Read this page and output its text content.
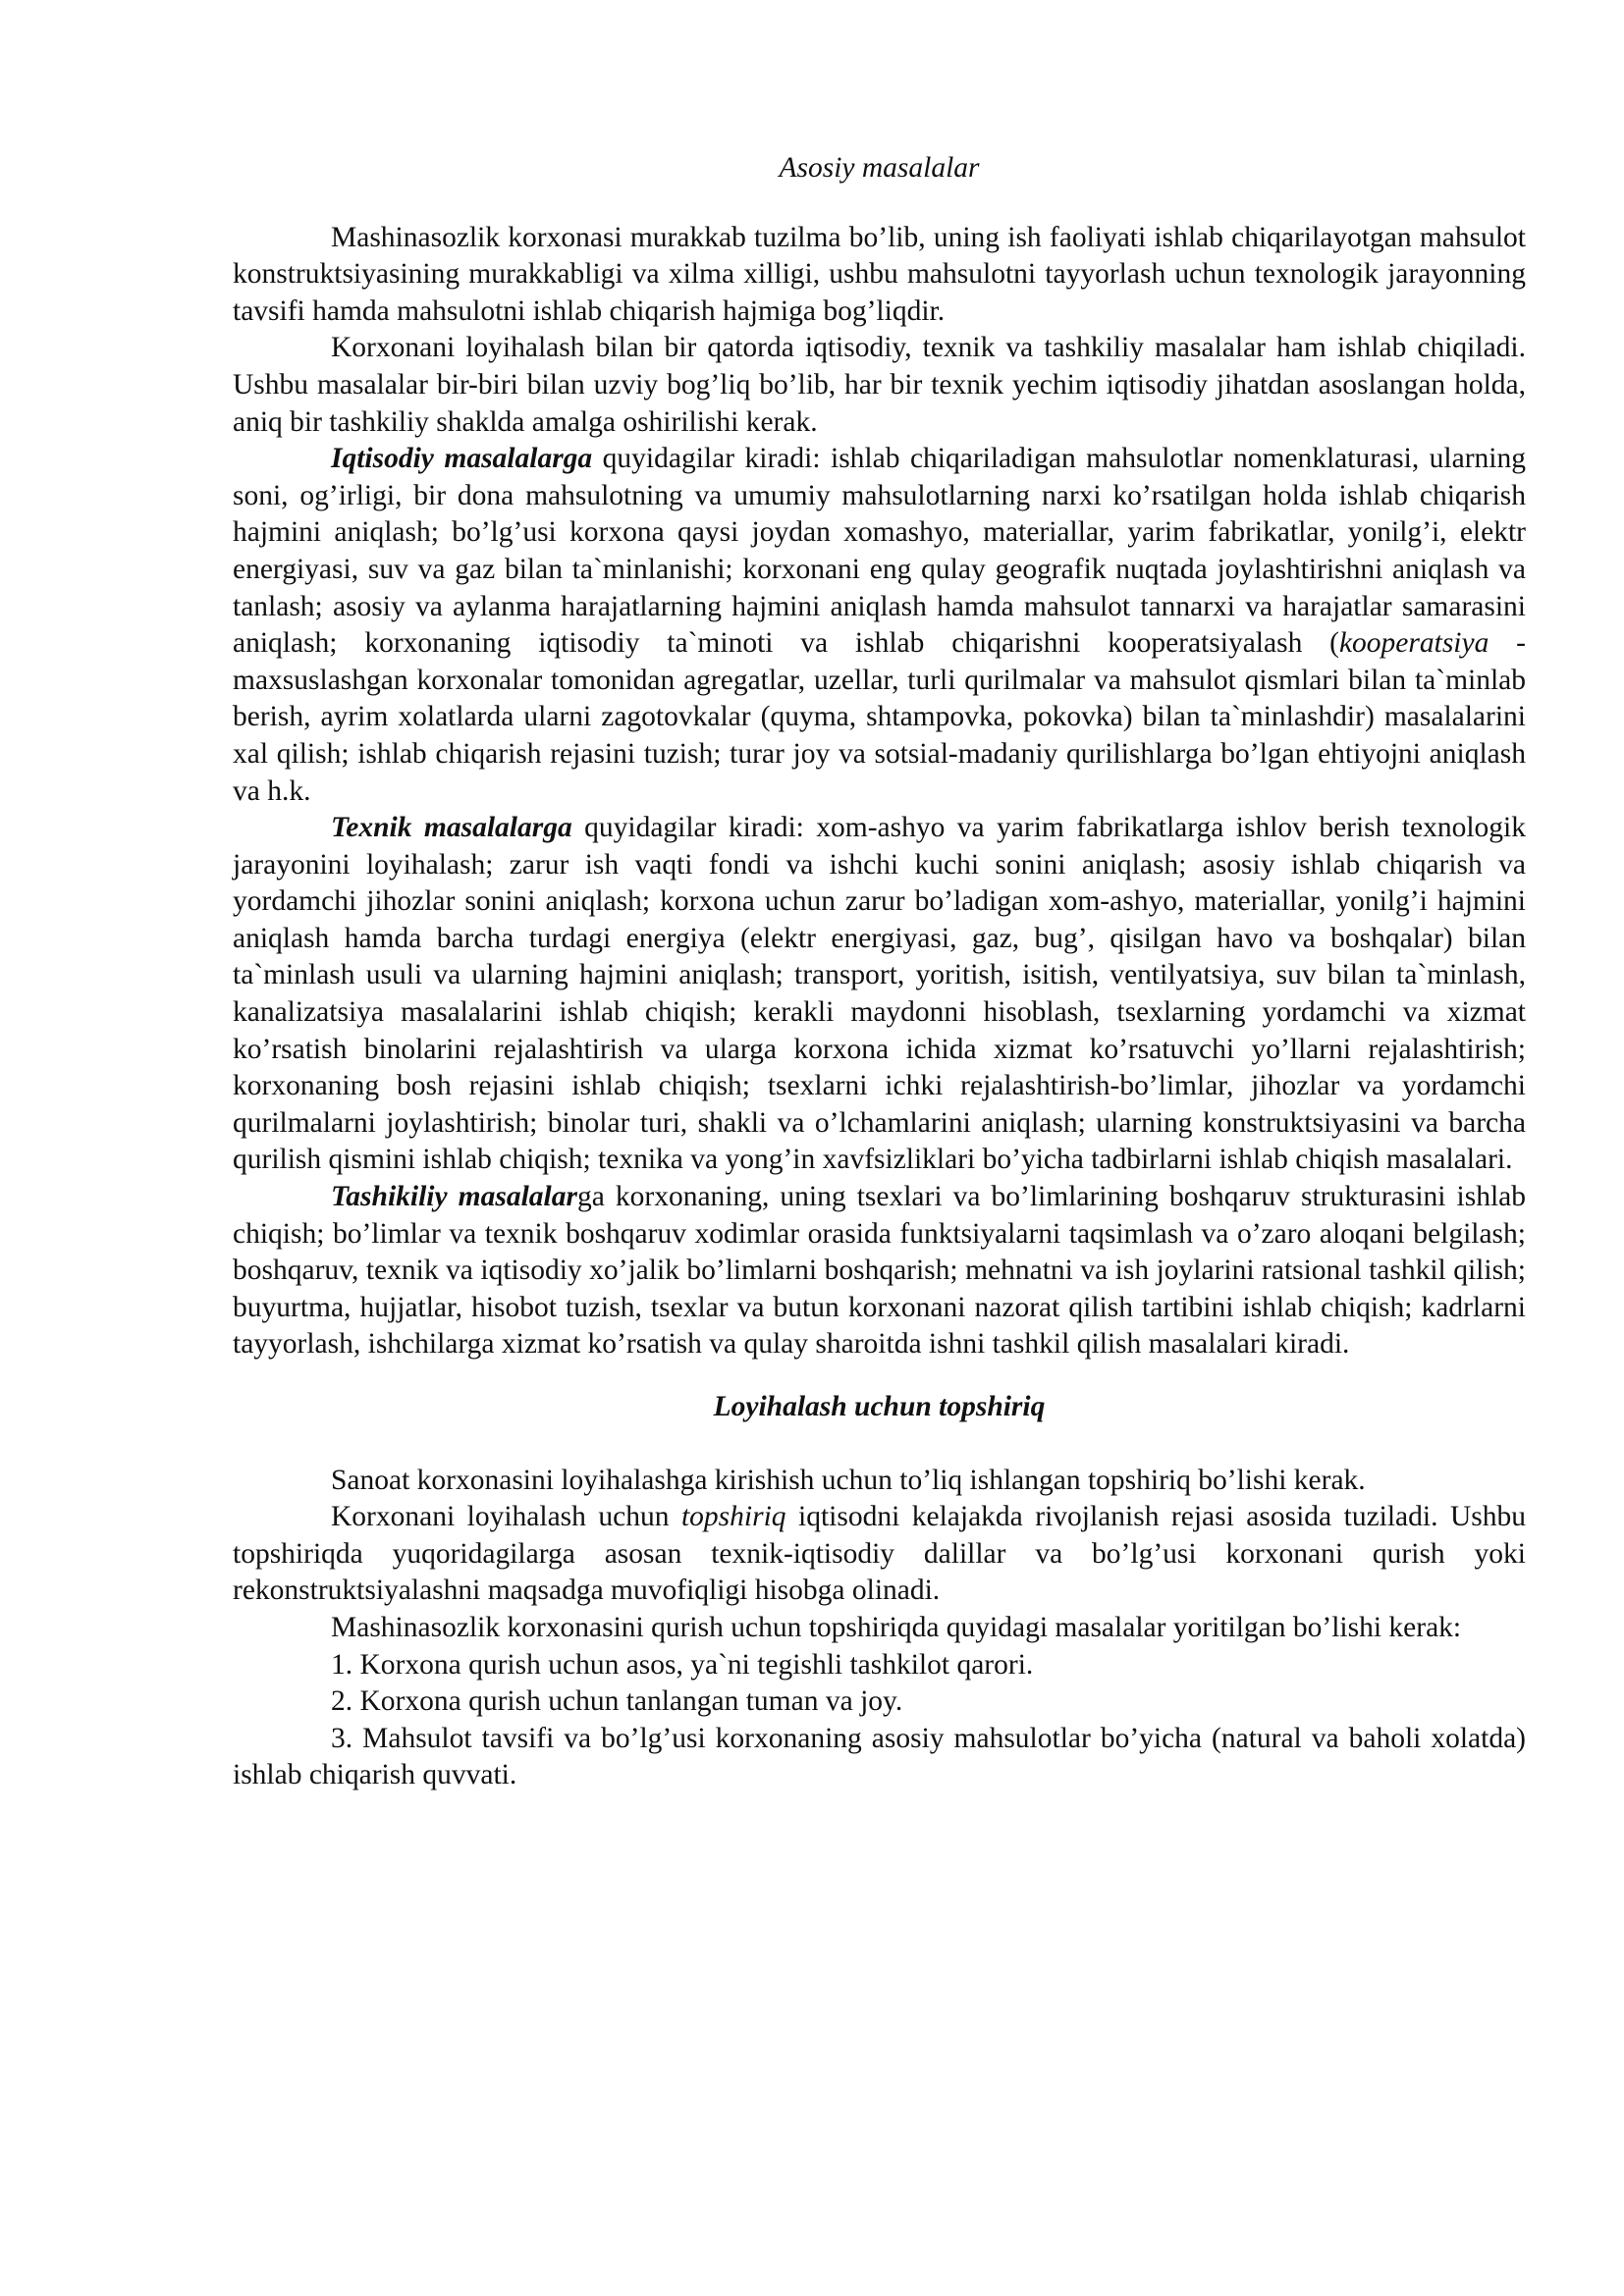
Asosiy masalalar

Mashinasozlik korxonasi murakkab tuzilma bo’lib, uning ish faoliyati ishlab chiqarilayotgan mahsulot konstruktsiyasining murakkabligi va xilma xilligi, ushbu mahsulotni tayyorlash uchun texnologik jarayonning tavsifi hamda mahsulotni ishlab chiqarish hajmiga bog’liqdir.

Korxonani loyihalash bilan bir qatorda iqtisodiy, texnik va tashkiliy masalalar ham ishlab chiqiladi. Ushbu masalalar bir-biri bilan uzviy bog’liq bo’lib, har bir texnik yechim iqtisodiy jihatdan asoslangan holda, aniq bir tashkiliy shaklda amalga oshirilishi kerak.

Iqtisodiy masalalarga quyidagilar kiradi: ishlab chiqariladigan mahsulotlar nomenklaturasi, ularning soni, og’irligi, bir dona mahsulotning va umumiy mahsulotlarning narxi ko’rsatilgan holda ishlab chiqarish hajmini aniqlash; bo’lg’usi korxona qaysi joydan xomashyo, materiallar, yarim fabrikatlar, yonilg’i, elektr energiyasi, suv va gaz bilan ta`minlanishi; korxonani eng qulay geografik nuqtada joylashtirishni aniqlash va tanlash; asosiy va aylanma harajatlarning hajmini aniqlash hamda mahsulot tannarxi va harajatlar samarasini aniqlash; korxonaning iqtisodiy ta`minoti va ishlab chiqarishni kooperatsiyalash (kooperatsiya - maxsuslashgan korxonalar tomonidan agregatlar, uzellar, turli qurilmalar va mahsulot qismlari bilan ta`minlab berish, ayrim xolatlarda ularni zagotovkalar (quyma, shtampovka, pokovka) bilan ta`minlashdir) masalalarini xal qilish; ishlab chiqarish rejasini tuzish; turar joy va sotsial-madaniy qurilishlarga bo’lgan ehtiyojni aniqlash va h.k.

Texnik masalalarga quyidagilar kiradi: xom-ashyo va yarim fabrikatlarga ishlov berish texnologik jarayonini loyihalash; zarur ish vaqti fondi va ishchi kuchi sonini aniqlash; asosiy ishlab chiqarish va yordamchi jihozlar sonini aniqlash; korxona uchun zarur bo’ladigan xom-ashyo, materiallar, yonilg’i hajmini aniqlash hamda barcha turdagi energiya (elektr energiyasi, gaz, bug’, qisilgan havo va boshqalar) bilan ta`minlash usuli va ularning hajmini aniqlash; transport, yoritish, isitish, ventilyatsiya, suv bilan ta`minlash, kanalizatsiya masalalarini ishlab chiqish; kerakli maydonni hisoblash, tsexlarning yordamchi va xizmat ko’rsatish binolarini rejalashtirish va ularga korxona ichida xizmat ko’rsatuvchi yo’llarni rejalashtirish; korxonaning bosh rejasini ishlab chiqish; tsexlarni ichki rejalashtirish-bo’limlar, jihozlar va yordamchi qurilmalarni joylashtirish; binolar turi, shakli va o’lchamlarini aniqlash; ularning konstruktsiyasini va barcha qurilish qismini ishlab chiqish; texnika va yong’in xavfsizliklari bo’yicha tadbirlarni ishlab chiqish masalalari.

Tashikiliy masalalarga korxonaning, uning tsexlari va bo’limlarining boshqaruv strukturasini ishlab chiqish; bo’limlar va texnik boshqaruv xodimlar orasida funktsiyalarni taqsimlash va o’zaro aloqani belgilash; boshqaruv, texnik va iqtisodiy xo’jalik bo’limlarni boshqarish; mehnatni va ish joylarini ratsional tashkil qilish; buyurtma, hujjatlar, hisobot tuzish, tsexlar va butun korxonani nazorat qilish tartibini ishlab chiqish; kadrlarni tayyorlash, ishchilarga xizmat ko’rsatish va qulay sharoitda ishni tashkil qilish masalalari kiradi.

Loyihalash uchun topshiriq

Sanoat korxonasini loyihalashga kirishish uchun to’liq ishlangan topshiriq bo’lishi kerak.

Korxonani loyihalash uchun topshiriq iqtisodni kelajakda rivojlanish rejasi asosida tuziladi. Ushbu topshiriqda yuqoridagilarga asosan texnik-iqtisodiy dalillar va bo’lg’usi korxonani qurish yoki rekonstruktsiyalashni maqsadga muvofiqligi hisobga olinadi.

Mashinasozlik korxonasini qurish uchun topshiriqda quyidagi masalalar yoritilgan bo’lishi kerak:

1. Korxona qurish uchun asos, ya`ni tegishli tashkilot qarori.

2. Korxona qurish uchun tanlangan tuman va joy.

3. Mahsulot tavsifi va bo’lg’usi korxonaning asosiy mahsulotlar bo’yicha (natural va baholi xolatda) ishlab chiqarish quvvati.
